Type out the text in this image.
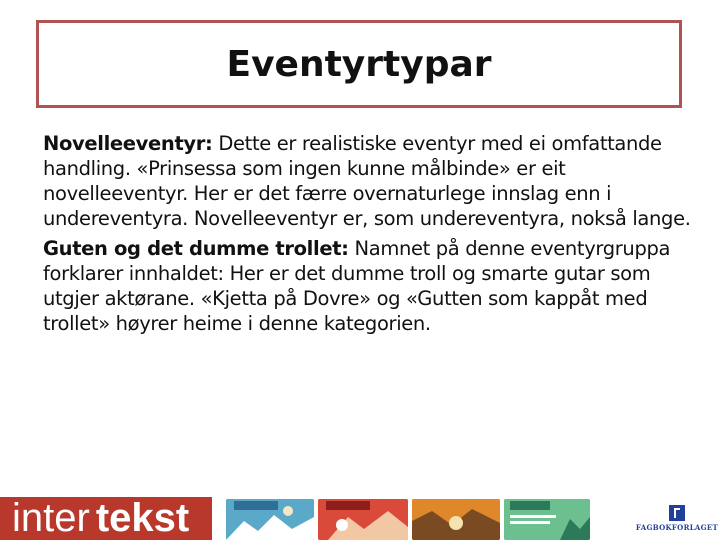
Eventyrtypar

Novelleeventyr: Dette er realistiske eventyr med ei omfattande handling. «Prinsessa som ingen kunne målbinde» er eit novelleeventyr. Her er det færre overnaturlege innslag enn i undereventyra. Novelleeventyr er, som undereventyra, nokså lange.

Guten og det dumme trollet: Namnet på denne eventyrgruppa forklarer innhaldet: Her er det dumme troll og smarte gutar som utgjer aktørane. «Kjetta på Dovre» og «Gutten som kappåt med trollet» høyrer heime i denne kategorien.

inter tekst	FAGBOKFORLAGET
